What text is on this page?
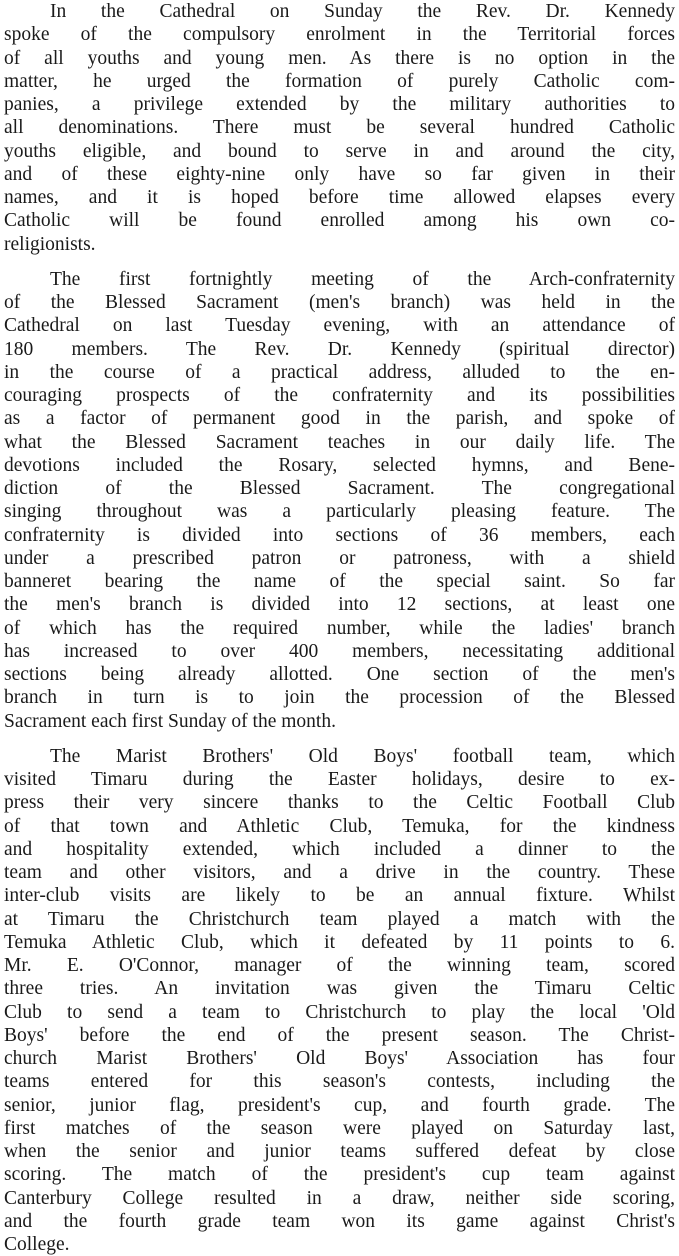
In the Cathedral on Sunday the Rev. Dr. Kennedy
spoke of the compulsory enrolment in the Territorial forces
of all youths and young men. As there is no option in the
matter, he urged the formation of purely Catholic com-
panies, a privilege extended by the military authorities to
all denominations. There must be several hundred Catholic
youths eligible, and bound to serve in and around the city,
and of these eighty-nine only have so far given in their
names, and it is hoped before time allowed elapses every
Catholic will be found enrolled among his own co-
religionists.

The first fortnightly meeting of the Arch-confraternity
of the Blessed Sacrament (men's branch) was held in the
Cathedral on last Tuesday evening, with an attendance of
180 members. The Rev. Dr. Kennedy (spiritual director)
in the course of a practical address, alluded to the en-
couraging prospects of the confraternity and its possibilities
as a factor of permanent good in the parish, and spoke of
what the Blessed Sacrament teaches in our daily life. The
devotions included the Rosary, selected hymns, and Bene-
diction of the Blessed Sacrament. The congregational
singing throughout was a particularly pleasing feature. The
confraternity is divided into sections of 36 members, each
under a prescribed patron or patroness, with a shield
banneret bearing the name of the special saint. So far
the men's branch is divided into 12 sections, at least one
of which has the required number, while the ladies' branch
has increased to over 400 members, necessitating additional
sections being already allotted. One section of the men's
branch in turn is to join the procession of the Blessed
Sacrament each first Sunday of the month.

The Marist Brothers' Old Boys' football team, which
visited Timaru during the Easter holidays, desire to ex-
press their very sincere thanks to the Celtic Football Club
of that town and Athletic Club, Temuka, for the kindness
and hospitality extended, which included a dinner to the
team and other visitors, and a drive in the country. These
inter-club visits are likely to be an annual fixture. Whilst
at Timaru the Christchurch team played a match with the
Temuka Athletic Club, which it defeated by 11 points to 6.
Mr. E. O'Connor, manager of the winning team, scored
three tries. An invitation was given the Timaru Celtic
Club to send a team to Christchurch to play the local 'Old
Boys' before the end of the present season. The Christ-
church Marist Brothers' Old Boys' Association has four
teams entered for this season's contests, including the
senior, junior flag, president's cup, and fourth grade. The
first matches of the season were played on Saturday last,
when the senior and junior teams suffered defeat by close
scoring. The match of the president's cup team against
Canterbury College resulted in a draw, neither side scoring,
and the fourth grade team won its game against Christ's
College.
